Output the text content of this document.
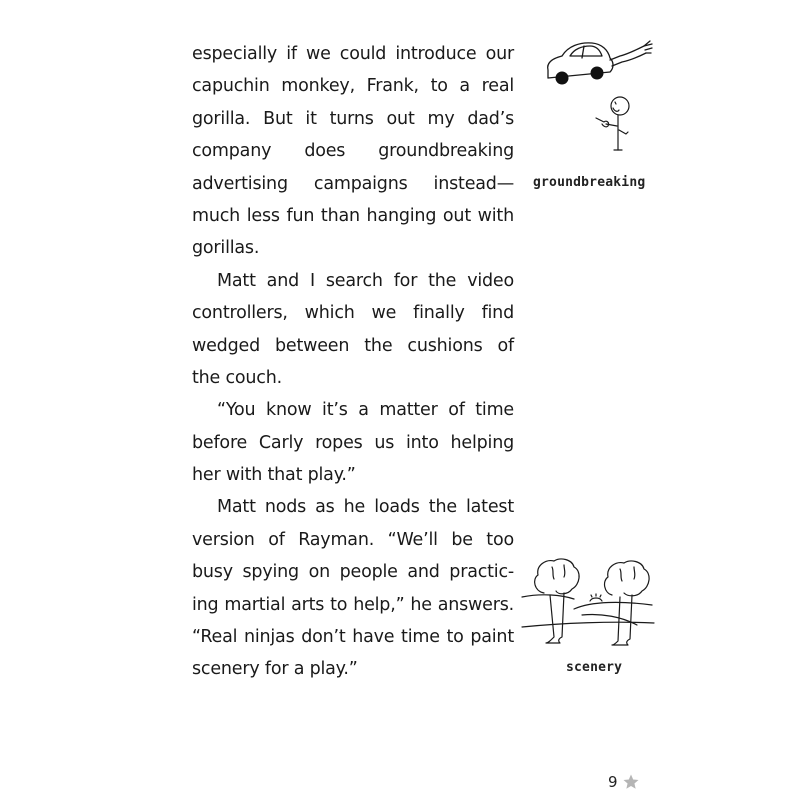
especially if we could introduce our
capuchin monkey, Frank, to a real
gorilla. But it turns out my dad’s
company does groundbreaking
advertising campaigns instead—
much less fun than hanging out with
gorillas.
Matt and I search for the video
controllers, which we finally find
wedged between the cushions of
the couch.
“You know it’s a matter of time
before Carly ropes us into helping
her with that play.”
Matt nods as he loads the latest
version of Rayman. “We’ll be too
busy spying on people and practic-
ing martial arts to help,” he answers.
“Real ninjas don’t have time to paint
scenery for a play.”
groundbreaking
scenery
9
